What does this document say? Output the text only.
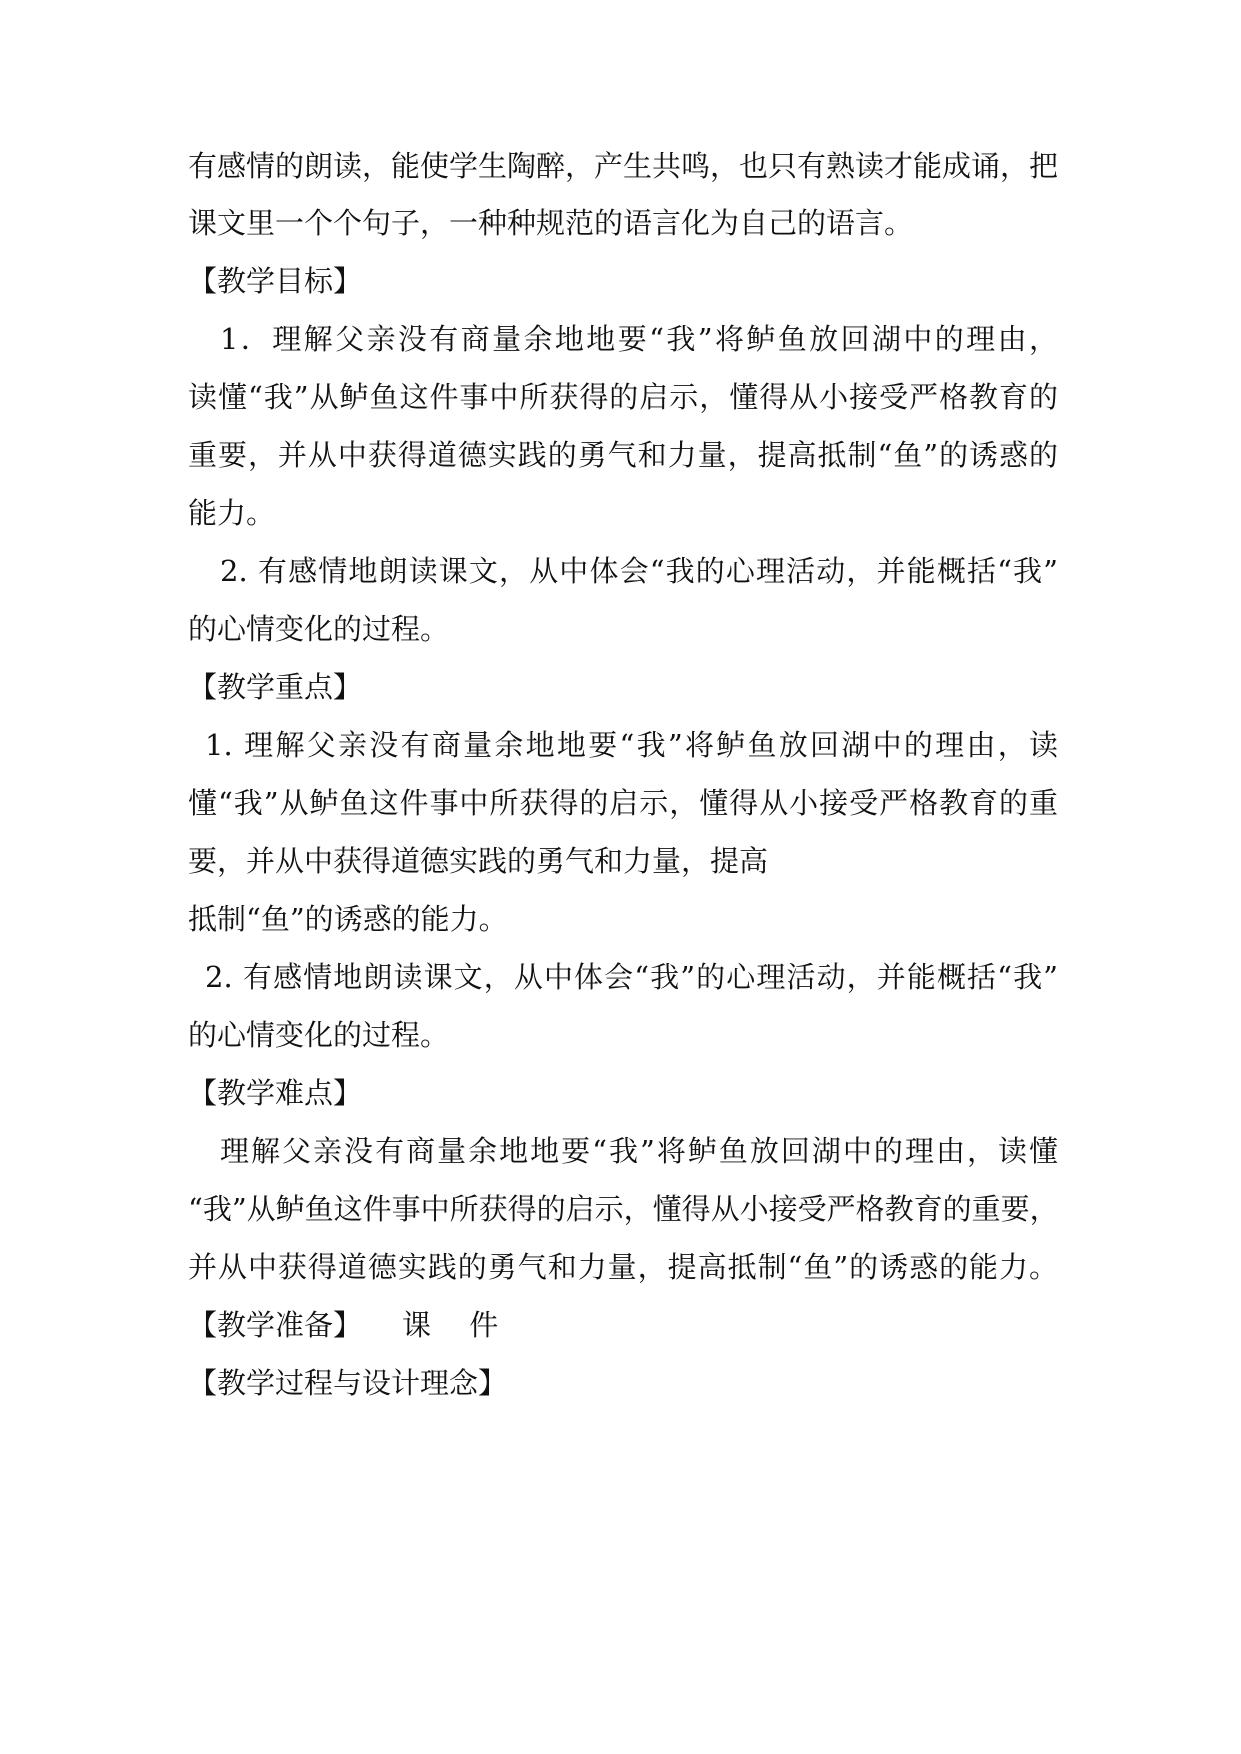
有感情的朗读，能使学生陶醉，产生共鸣，也只有熟读才能成诵，把
课文里一个个句子，一种种规范的语言化为自己的语言。
【教学目标】
1．理解父亲没有商量余地地要“我”将鲈鱼放回湖中的理由，
读懂“我”从鲈鱼这件事中所获得的启示，懂得从小接受严格教育的
重要，并从中获得道德实践的勇气和力量，提高抵制“鱼”的诱惑的
能力。
2. 有感情地朗读课文，从中体会“我的心理活动，并能概括“我”
的心情变化的过程。
【教学重点】
1. 理解父亲没有商量余地地要“我”将鲈鱼放回湖中的理由，读
懂“我”从鲈鱼这件事中所获得的启示，懂得从小接受严格教育的重
要，并从中获得道德实践的勇气和力量，提高
抵制“鱼”的诱惑的能力。
2. 有感情地朗读课文，从中体会“我”的心理活动，并能概括“我”
的心情变化的过程。
【教学难点】
理解父亲没有商量余地地要“我”将鲈鱼放回湖中的理由，读懂
“我”从鲈鱼这件事中所获得的启示，懂得从小接受严格教育的重要，
并从中获得道德实践的勇气和力量，提高抵制“鱼”的诱惑的能力。
【教学准备】 课　 件
【教学过程与设计理念】
